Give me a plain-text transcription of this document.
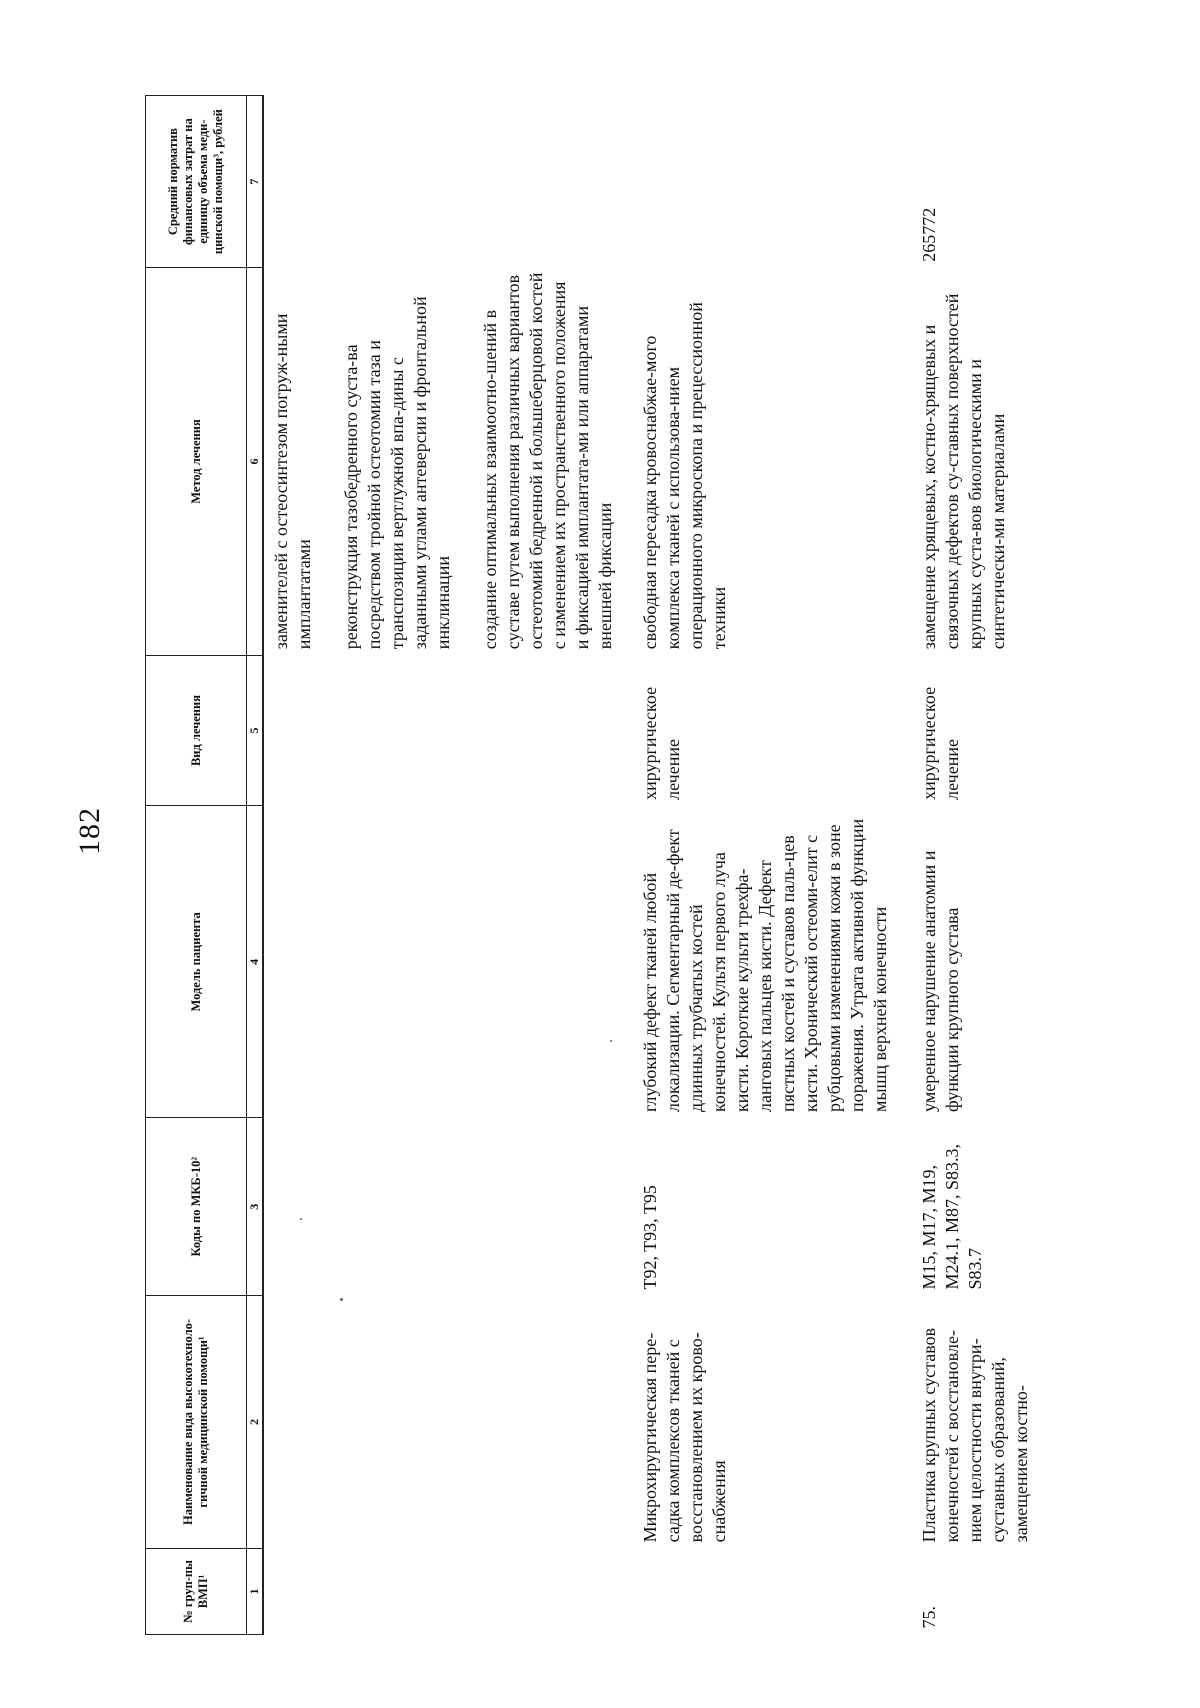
182
№ груп-пы ВМП¹	Наименование вида высокотехноло-гичной медицинской помощи¹	Коды по МКБ-10²	Модель пациента	Вид лечения	Метод лечения	Средний норматив финансовых затрат на единицу объема меди-цинской помощи³, рублей
1	2	3	4	5	6	7

					заменителей с остеосинтезом погруж-ными имплантатами реконструкция тазобедренного суста-ва посредством тройной остеотомии таза и транспозиции вертлужной впа-дины с заданными углами антеверсии и фронтальной инклинации создание оптимальных взаимоотно-шений в суставе путем выполнения различных вариантов остеотомий бедренной и большеберцовой костей с изменением их пространственного положения и фиксацией имплантата-ми или аппаратами внешней фиксации	

	Микрохирургическая пере-садка комплексов тканей с восстановлением их крово-снабжения	T92, T93, T95	глубокий дефект тканей любой локализации. Сегментарный де-фект длинных трубчатых костей конечностей. Культя первого луча кисти. Короткие культи трехфа-ланговых пальцев кисти. Дефект пястных костей и суставов паль-цев кисти. Хронический остеоми-елит с рубцовыми изменениями кожи в зоне поражения. Утрата активной функции мышц верхней конечности	хирургическое лечение	свободная пересадка кровоснабжае-мого комплекса тканей с использова-нием операционного микроскопа и прецессионной техники	

75.	Пластика крупных суставов конечностей с восстановле-нием целостности внутри-суставных образований, замещением костно-	M15, M17, M19, M24.1, M87, S83.3, S83.7	умеренное нарушение анатомии и функции крупного сустава	хирургическое лечение	замещение хрящевых, костно-хрящевых и связочных дефектов су-ставных поверхностей крупных суста-вов биологическими и синтетически-ми материалами	265772
